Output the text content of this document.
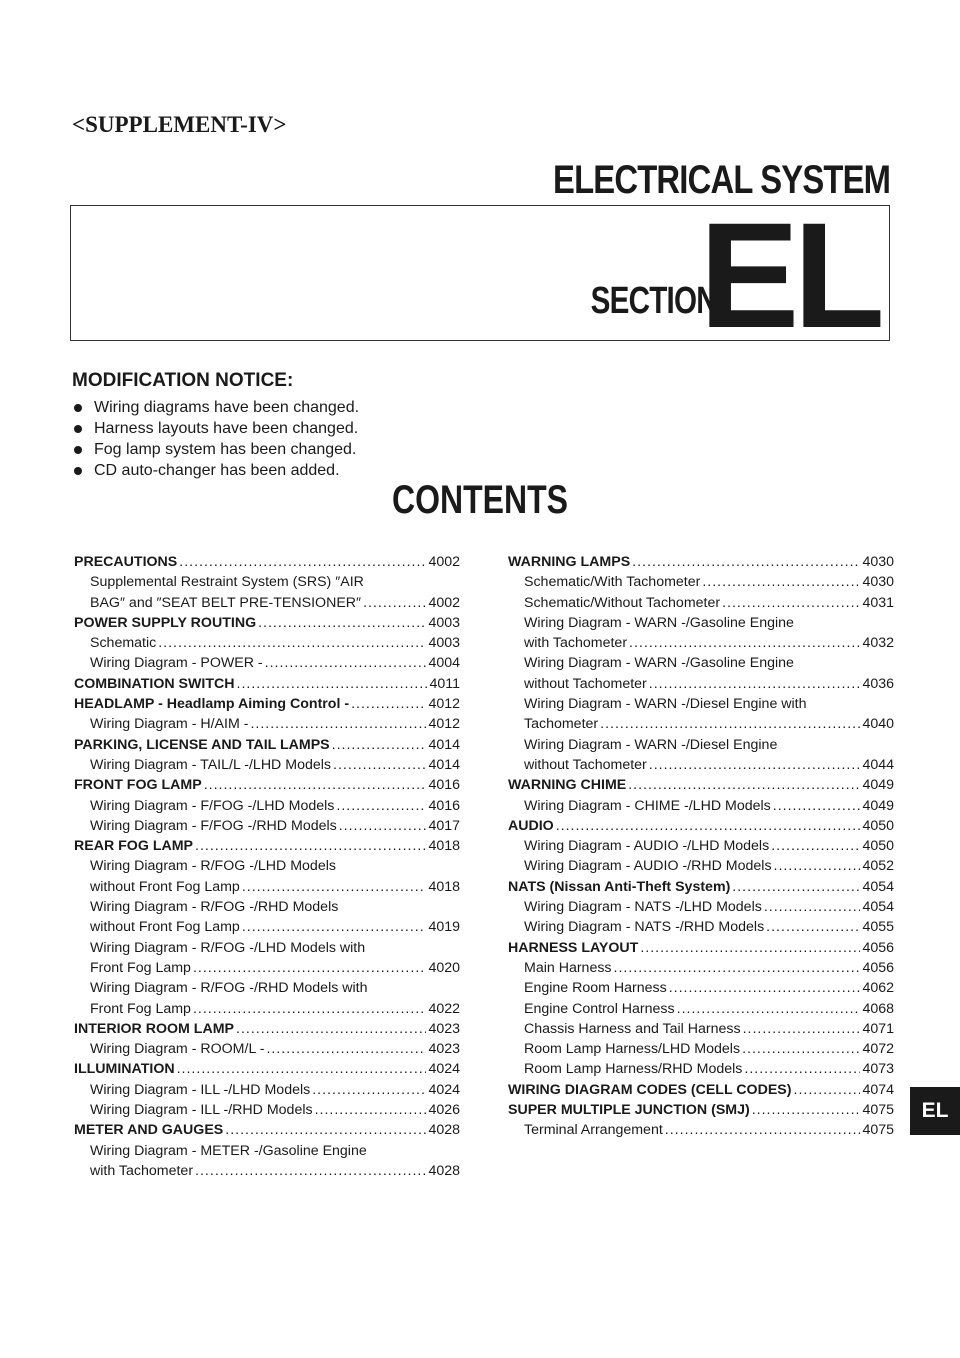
<SUPPLEMENT-IV>
ELECTRICAL SYSTEM
SECTION
EL
MODIFICATION NOTICE:
Wiring diagrams have been changed.
Harness layouts have been changed.
Fog lamp system has been changed.
CD auto-changer has been added.
CONTENTS
PRECAUTIONS .....	4002
Supplemental Restraint System (SRS) ″AIR
BAG″ and ″SEAT BELT PRE-TENSIONER″ .....	4002
POWER SUPPLY ROUTING .....	4003
Schematic .....	4003
Wiring Diagram - POWER - .....	4004
COMBINATION SWITCH .....	4011
HEADLAMP - Headlamp Aiming Control - .....	4012
Wiring Diagram - H/AIM - .....	4012
PARKING, LICENSE AND TAIL LAMPS .....	4014
Wiring Diagram - TAIL/L -/LHD Models .....	4014
FRONT FOG LAMP .....	4016
Wiring Diagram - F/FOG -/LHD Models .....	4016
Wiring Diagram - F/FOG -/RHD Models .....	4017
REAR FOG LAMP .....	4018
Wiring Diagram - R/FOG -/LHD Models
without Front Fog Lamp .....	4018
Wiring Diagram - R/FOG -/RHD Models
without Front Fog Lamp .....	4019
Wiring Diagram - R/FOG -/LHD Models with
Front Fog Lamp .....	4020
Wiring Diagram - R/FOG -/RHD Models with
Front Fog Lamp .....	4022
INTERIOR ROOM LAMP .....	4023
Wiring Diagram - ROOM/L - .....	4023
ILLUMINATION .....	4024
Wiring Diagram - ILL -/LHD Models .....	4024
Wiring Diagram - ILL -/RHD Models .....	4026
METER AND GAUGES .....	4028
Wiring Diagram - METER -/Gasoline Engine
with Tachometer .....	4028
WARNING LAMPS .....	4030
Schematic/With Tachometer .....	4030
Schematic/Without Tachometer .....	4031
Wiring Diagram - WARN -/Gasoline Engine
with Tachometer .....	4032
Wiring Diagram - WARN -/Gasoline Engine
without Tachometer .....	4036
Wiring Diagram - WARN -/Diesel Engine with
Tachometer .....	4040
Wiring Diagram - WARN -/Diesel Engine
without Tachometer .....	4044
WARNING CHIME .....	4049
Wiring Diagram - CHIME -/LHD Models .....	4049
AUDIO .....	4050
Wiring Diagram - AUDIO -/LHD Models .....	4050
Wiring Diagram - AUDIO -/RHD Models .....	4052
NATS (Nissan Anti-Theft System) .....	4054
Wiring Diagram - NATS -/LHD Models .....	4054
Wiring Diagram - NATS -/RHD Models .....	4055
HARNESS LAYOUT .....	4056
Main Harness .....	4056
Engine Room Harness .....	4062
Engine Control Harness .....	4068
Chassis Harness and Tail Harness .....	4071
Room Lamp Harness/LHD Models .....	4072
Room Lamp Harness/RHD Models .....	4073
WIRING DIAGRAM CODES (CELL CODES) .....	4074
SUPER MULTIPLE JUNCTION (SMJ) .....	4075
Terminal Arrangement .....	4075
EL
